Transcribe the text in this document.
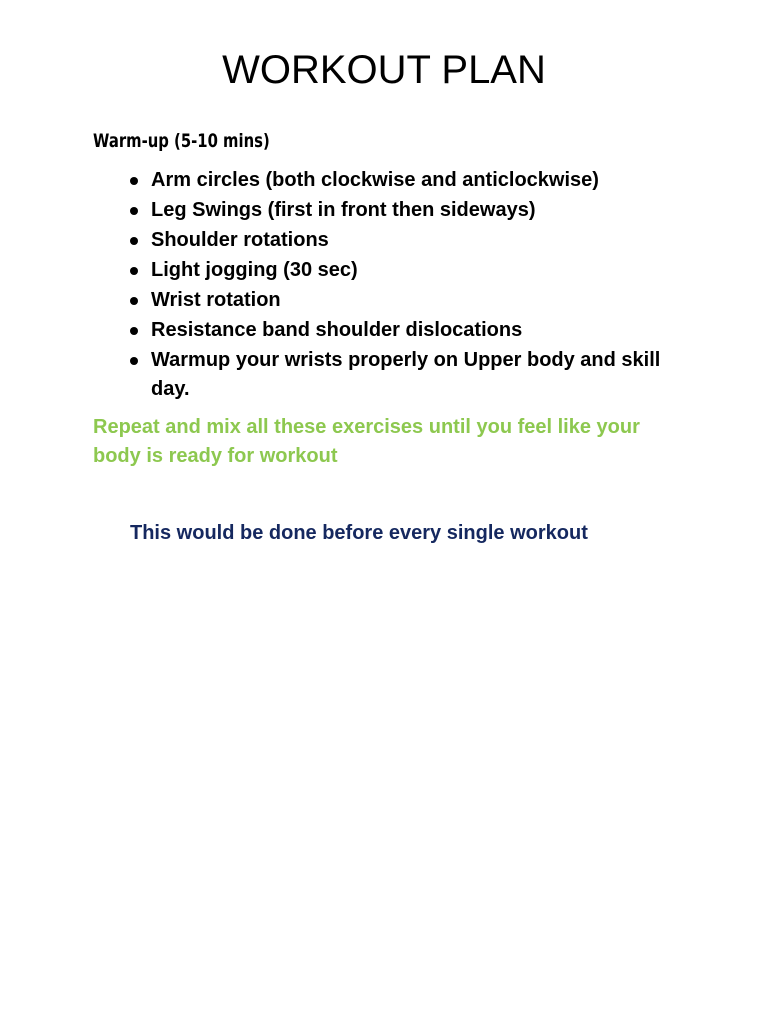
WORKOUT PLAN
Warm-up (5-10 mins)
Arm circles (both clockwise and anticlockwise)
Leg Swings (first in front then sideways)
Shoulder rotations
Light jogging (30 sec)
Wrist rotation
Resistance band shoulder dislocations
Warmup your wrists properly on Upper body and skill day.

Repeat and mix all these exercises until you feel like your body is ready for workout

This would be done before every single workout
